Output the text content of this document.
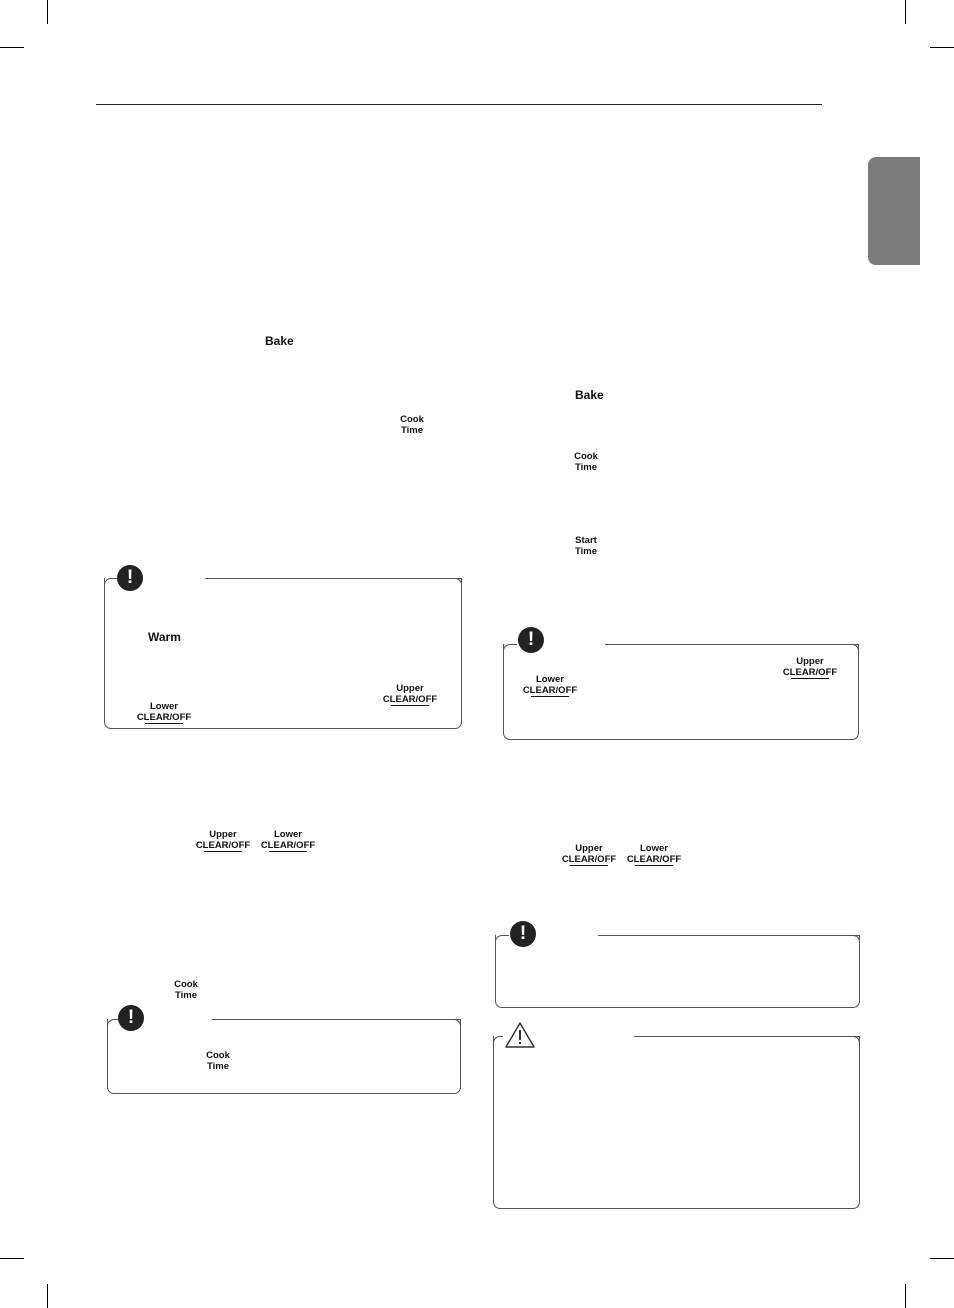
Bake
Cook
Time
!
Warm
Upper
CLEAR/OFF
Lower
CLEAR/OFF
Upper
CLEAR/OFF
Lower
CLEAR/OFF
Cook
Time
!
Cook
Time
Bake
Cook
Time
Start
Time
!
Upper
CLEAR/OFF
Lower
CLEAR/OFF
Upper
CLEAR/OFF
Lower
CLEAR/OFF
!
